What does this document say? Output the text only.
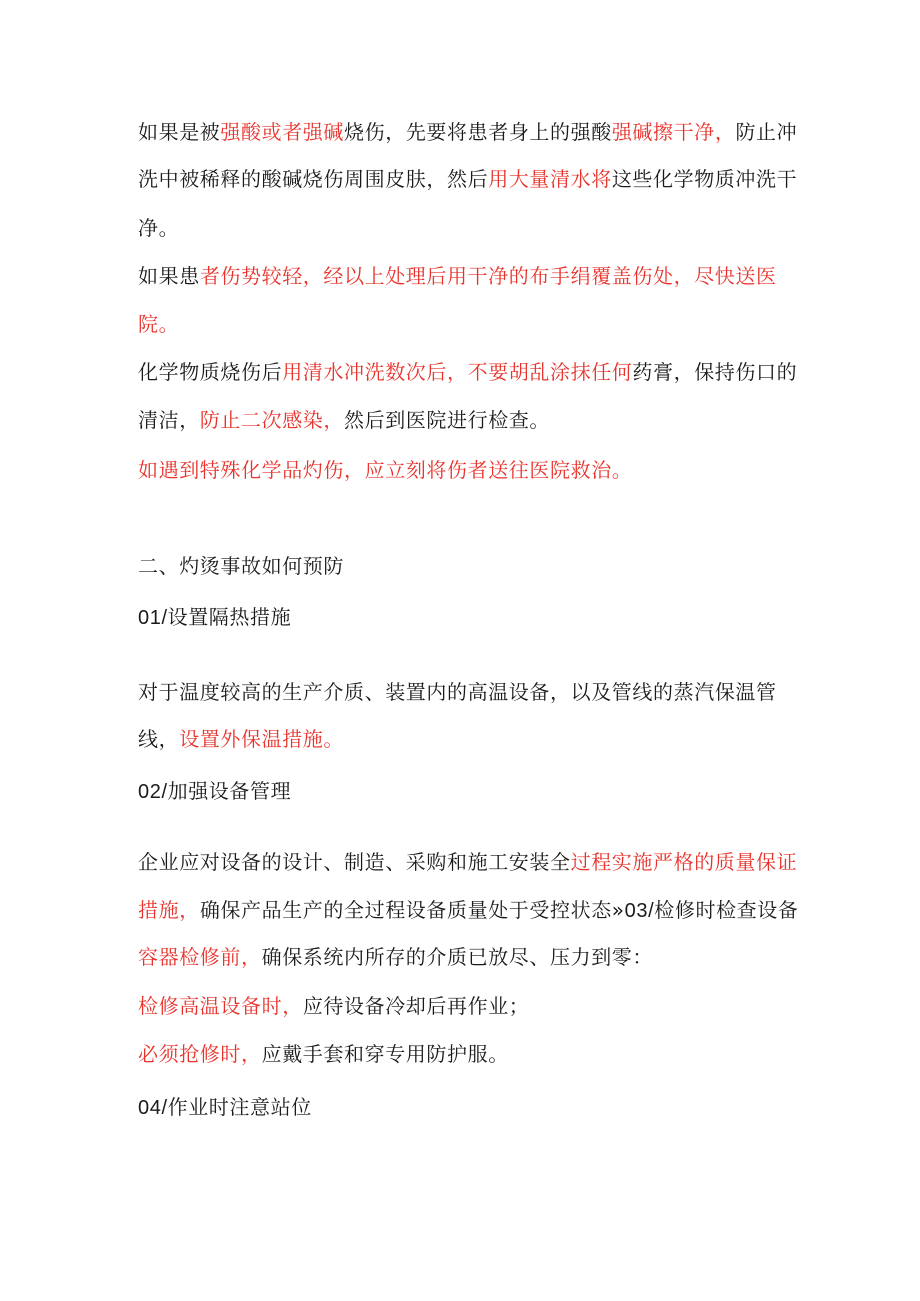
如果是被强酸或者强碱烧伤，先要将患者身上的强酸强碱擦干净，防止冲
洗中被稀释的酸碱烧伤周围皮肤，然后用大量清水将这些化学物质冲洗干
净。
如果患者伤势较轻，经以上处理后用干净的布手绢覆盖伤处，尽快送医
院。
化学物质烧伤后用清水冲洗数次后，不要胡乱涂抹任何药膏，保持伤口的
清洁，防止二次感染，然后到医院进行检查。
如遇到特殊化学品灼伤，应立刻将伤者送往医院救治。
二、灼烫事故如何预防
01/设置隔热措施
对于温度较高的生产介质、装置内的高温设备，以及管线的蒸汽保温管
线，设置外保温措施。
02/加强设备管理
企业应对设备的设计、制造、采购和施工安装全过程实施严格的质量保证
措施，确保产品生产的全过程设备质量处于受控状态»03/检修时检查设备
容器检修前，确保系统内所存的介质已放尽、压力到零：
检修高温设备时，应待设备冷却后再作业；
必须抢修时，应戴手套和穿专用防护服。
04/作业时注意站位
